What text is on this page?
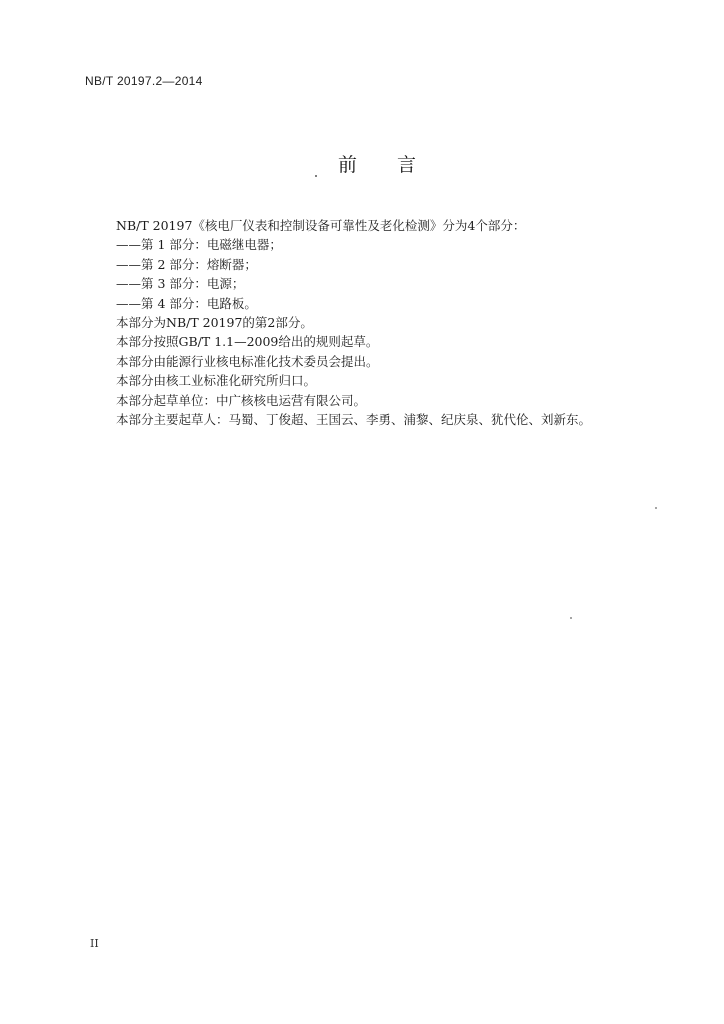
NB/T 20197.2—2014
前 言
NB/T 20197《核电厂仪表和控制设备可靠性及老化检测》分为4个部分：
——第 1 部分：电磁继电器；
——第 2 部分：熔断器；
——第 3 部分：电源；
——第 4 部分：电路板。
本部分为NB/T 20197的第2部分。
本部分按照GB/T 1.1—2009给出的规则起草。
本部分由能源行业核电标准化技术委员会提出。
本部分由核工业标准化研究所归口。
本部分起草单位：中广核核电运营有限公司。
本部分主要起草人：马蜀、丁俊超、王国云、李勇、浦黎、纪庆泉、犹代伦、刘新东。
II
